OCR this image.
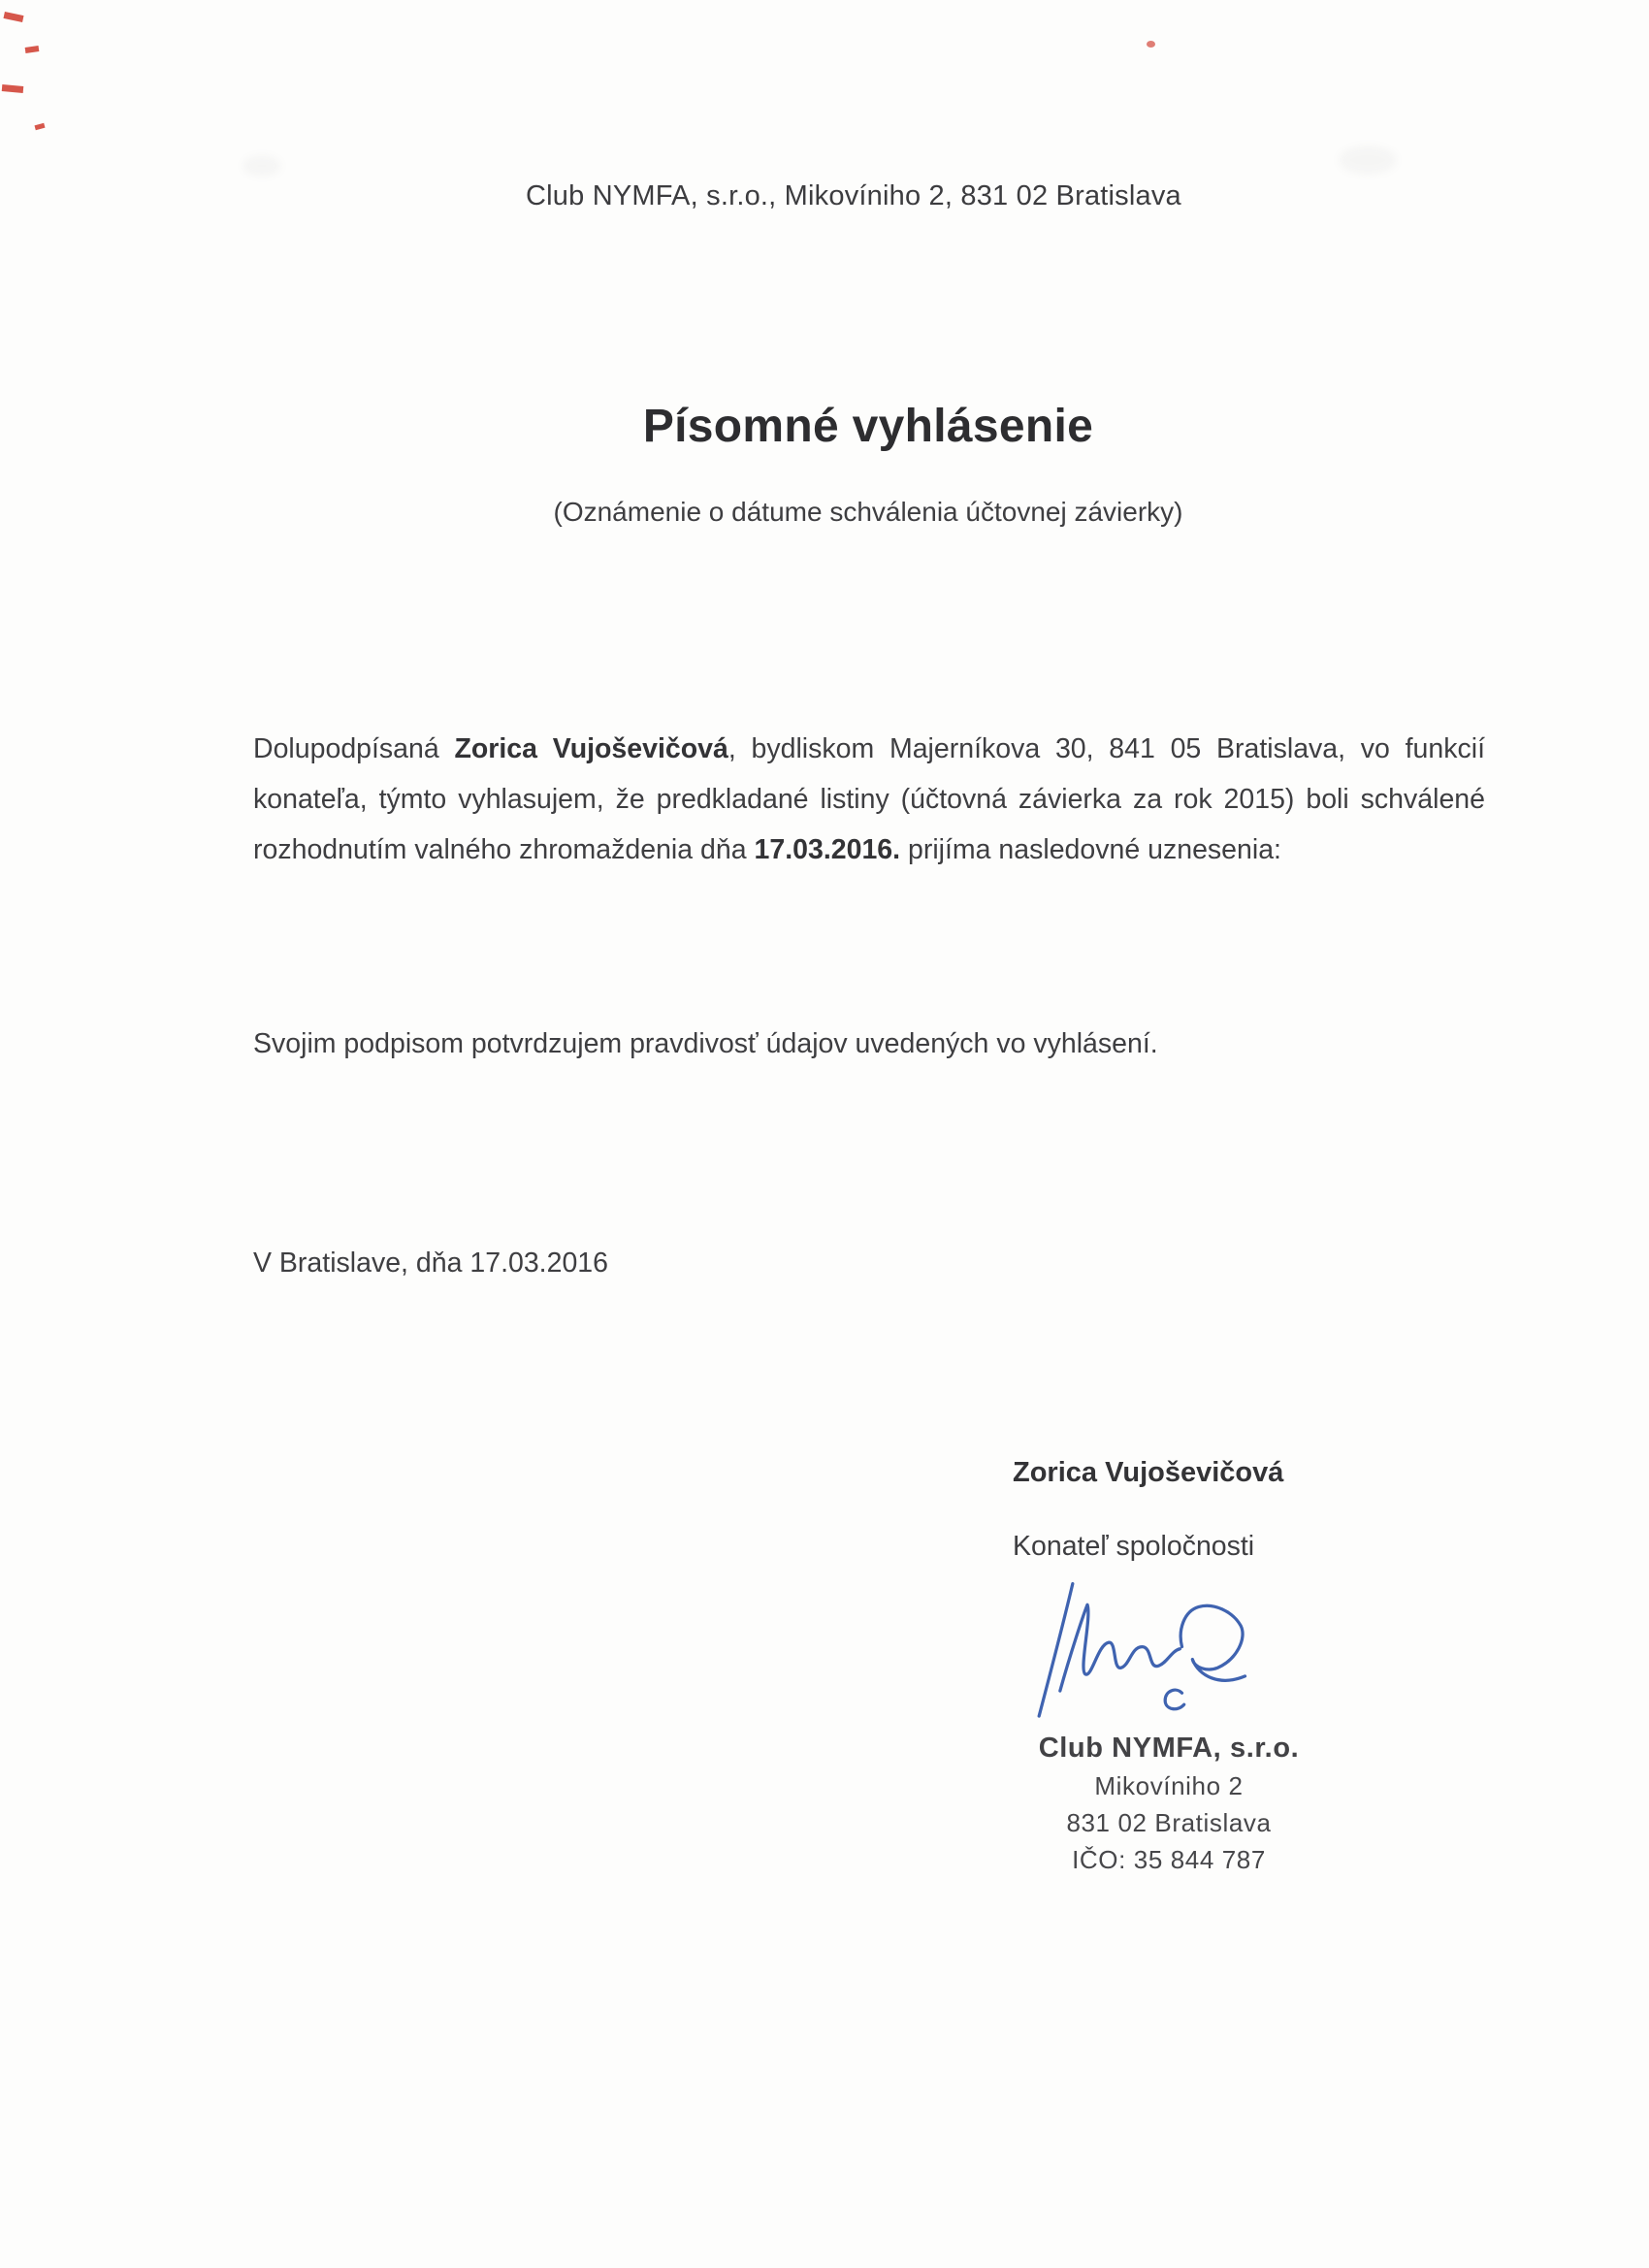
Club NYMFA, s.r.o., Mikovíniho 2, 831 02 Bratislava
Písomné vyhlásenie
(Oznámenie o dátume schválenia účtovnej závierky)

Dolupodpísaná Zorica Vujoševičová, bydliskom Majerníkova 30, 841 05 Bratislava, vo funkcií konateľa, týmto vyhlasujem, že predkladané listiny (účtovná závierka za rok 2015) boli schválené rozhodnutím valného zhromaždenia dňa 17.03.2016. prijíma nasledovné uznesenia:

Svojim podpisom potvrdzujem pravdivosť údajov uvedených vo vyhlásení.

V Bratislave, dňa 17.03.2016

Zorica Vujoševičová
Konateľ spoločnosti
Club NYMFA, s.r.o.
Mikovíniho 2
831 02 Bratislava
IČO: 35 844 787
